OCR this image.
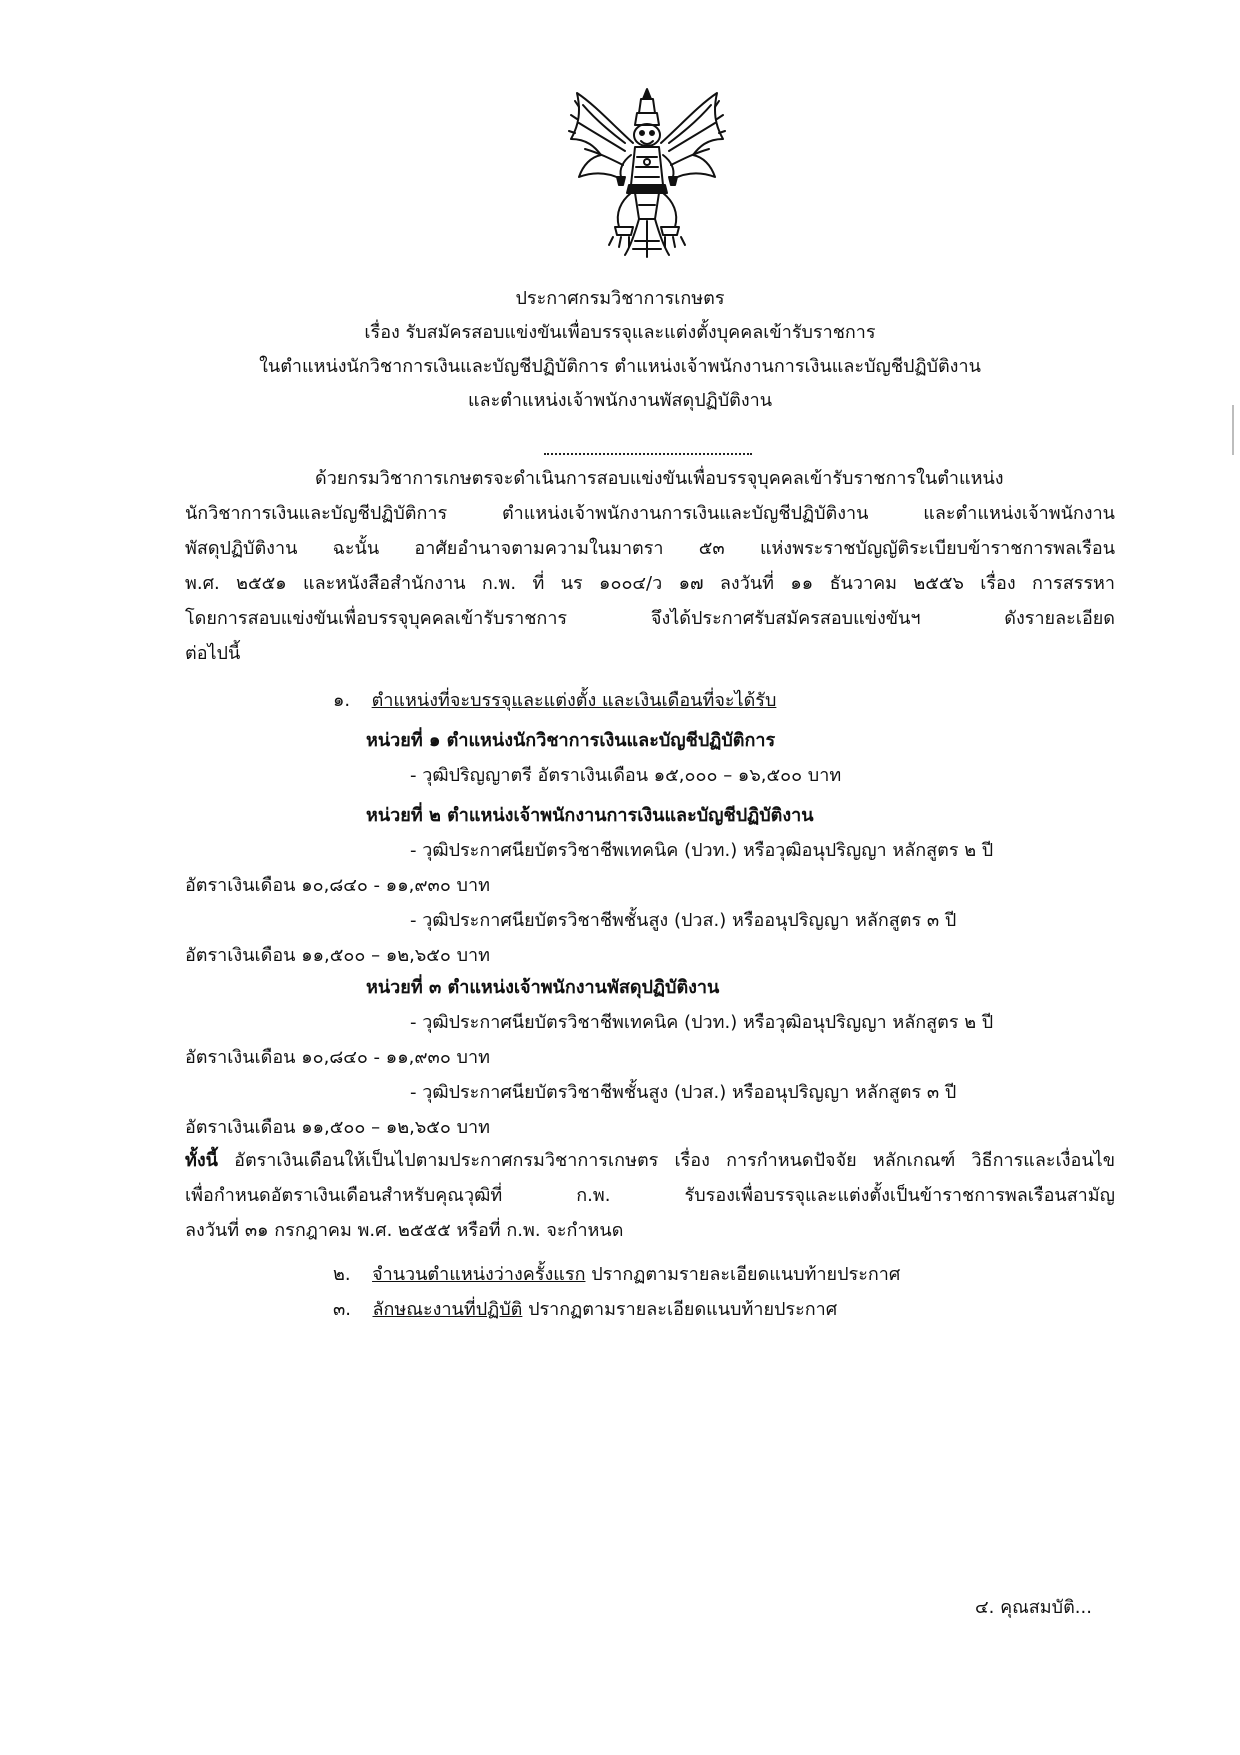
ประกาศกรมวิชาการเกษตร
เรื่อง รับสมัครสอบแข่งขันเพื่อบรรจุและแต่งตั้งบุคคลเข้ารับราชการ
ในตำแหน่งนักวิชาการเงินและบัญชีปฏิบัติการ ตำแหน่งเจ้าพนักงานการเงินและบัญชีปฏิบัติงาน
และตำแหน่งเจ้าพนักงานพัสดุปฏิบัติงาน
ด้วยกรมวิชาการเกษตรจะดำเนินการสอบแข่งขันเพื่อบรรจุบุคคลเข้ารับราชการในตำแหน่ง
นักวิชาการเงินและบัญชีปฏิบัติการ ตำแหน่งเจ้าพนักงานการเงินและบัญชีปฏิบัติงาน และตำแหน่งเจ้าพนักงาน
พัสดุปฏิบัติงาน ฉะนั้น อาศัยอำนาจตามความในมาตรา ๕๓ แห่งพระราชบัญญัติระเบียบข้าราชการพลเรือน
พ.ศ. ๒๕๕๑ และหนังสือสำนักงาน ก.พ. ที่ นร ๑๐๐๔/ว ๑๗ ลงวันที่ ๑๑ ธันวาคม ๒๕๕๖ เรื่อง การสรรหา
โดยการสอบแข่งขันเพื่อบรรจุบุคคลเข้ารับราชการ จึงได้ประกาศรับสมัครสอบแข่งขันฯ ดังรายละเอียด
ต่อไปนี้
๑. ตำแหน่งที่จะบรรจุและแต่งตั้ง และเงินเดือนที่จะได้รับ
หน่วยที่ ๑ ตำแหน่งนักวิชาการเงินและบัญชีปฏิบัติการ
- วุฒิปริญญาตรี อัตราเงินเดือน ๑๕,๐๐๐ – ๑๖,๕๐๐ บาท
หน่วยที่ ๒ ตำแหน่งเจ้าพนักงานการเงินและบัญชีปฏิบัติงาน
- วุฒิประกาศนียบัตรวิชาชีพเทคนิค (ปวท.) หรือวุฒิอนุปริญญา หลักสูตร ๒ ปี
อัตราเงินเดือน ๑๐,๘๔๐ - ๑๑,๙๓๐ บาท
- วุฒิประกาศนียบัตรวิชาชีพชั้นสูง (ปวส.) หรืออนุปริญญา หลักสูตร ๓ ปี
อัตราเงินเดือน ๑๑,๕๐๐ – ๑๒,๖๕๐ บาท
หน่วยที่ ๓ ตำแหน่งเจ้าพนักงานพัสดุปฏิบัติงาน
- วุฒิประกาศนียบัตรวิชาชีพเทคนิค (ปวท.) หรือวุฒิอนุปริญญา หลักสูตร ๒ ปี
อัตราเงินเดือน ๑๐,๘๔๐ - ๑๑,๙๓๐ บาท
- วุฒิประกาศนียบัตรวิชาชีพชั้นสูง (ปวส.) หรืออนุปริญญา หลักสูตร ๓ ปี
อัตราเงินเดือน ๑๑,๕๐๐ – ๑๒,๖๕๐ บาท
ทั้งนี้ อัตราเงินเดือนให้เป็นไปตามประกาศกรมวิชาการเกษตร เรื่อง การกำหนดปัจจัย หลักเกณฑ์ วิธีการและเงื่อนไข
เพื่อกำหนดอัตราเงินเดือนสำหรับคุณวุฒิที่ ก.พ. รับรองเพื่อบรรจุและแต่งตั้งเป็นข้าราชการพลเรือนสามัญ
ลงวันที่ ๓๑ กรกฎาคม พ.ศ. ๒๕๕๕ หรือที่ ก.พ. จะกำหนด
๒. จำนวนตำแหน่งว่างครั้งแรก ปรากฏตามรายละเอียดแนบท้ายประกาศ
๓. ลักษณะงานที่ปฏิบัติ ปรากฏตามรายละเอียดแนบท้ายประกาศ
๔. คุณสมบัติ...
